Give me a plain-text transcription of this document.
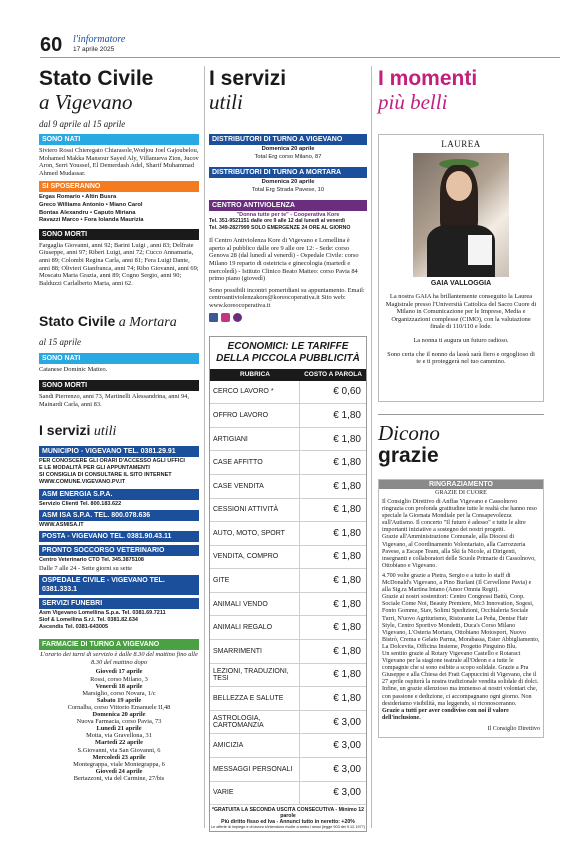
60 l'informatore
17 aprile 2025
Stato Civile
a Vigevano
dal 9 aprile al 15 aprile
SONO NATI
Siviero Rossi Chieregato Chiarasole,Wodjou Joel Gajoubelou, Mohamed Makka Mansour Sayed Aly, Villanueva Zion, Jucov Aron, Serri Youssef, El Demerdash Adel, Sharif Muhammad Ahmed Mudassar.
SI SPOSERANNO
Ergas Romario • Altin Busra
Greco Williams Antonio • Miano Carol
Bontas Alexandru • Caputo Miriana
Ravazzi Marco • Fora Iolanda Maurizia
SONO MORTI
Fargaglia Giovanni, anni 92; Barini Luigi , anni 83; Delfrate Giuseppe, anni 97; Riberi Luigi, anni 72; Cucco Annamaria, anni 89; Colombi Regina Carla, anni 81; Fera Luigi Dante, anni 88; Olivieri Gianfranca, anni 74; Ribo Giovanni, anni 69; Moscatu Maria Grazia, anni 89; Cogno Sergio, anni 90; Balduzzi Carlalberto Maria, anni 62.
Stato Civile a Mortara
al 15 aprile
SONO NATI
Catanese Dominic Matteo.
SONO MORTI
Sandi Pierrenzo, anni 73, Martinelli Alessandrina, anni 94, Mainardi Carla, anni 83.
I servizi utili
MUNICIPIO - VIGEVANO TEL. 0381.29.91
PER CONOSCERE GLI ORARI D'ACCESSO AGLI UFFICI
E LE MODALITÀ PER GLI APPUNTAMENTI
SI CONSIGLIA DI CONSULTARE IL SITO INTERNET
WWW.COMUNE.VIGEVANO.PV.IT
ASM ENERGIA S.P.A.
Servizio Clienti Tel. 800.183.622
ASM ISA S.P.A. TEL. 800.078.636
WWW.ASMISA.IT
POSTA - VIGEVANO TEL. 0381.90.43.11
PRONTO SOCCORSO VETERINARIO
Centro Veterinario CTO Tel. 345.3875108
Dalle 7 alle 24 - Sette giorni su sette
OSPEDALE CIVILE - VIGEVANO TEL. 0381.333.1
SERVIZI FUNEBRI
Asm Vigevano Lomellina S.p.a. Tel. 0381.69.7211
Siof & Lomellina S.r.l. Tel. 0381.82.634
Ascendis Tel. 0381-643005
FARMACIE DI TURNO A VIGEVANO
L'orario dei turni di servizio è dalle 8.30 del mattino fino alle 8.30 del mattino dopo
Giovedì 17 aprile
Rossi, corso Milano, 3
Venerdì 18 aprile
Marsiglio, corso Novara, 1/c
Sabato 19 aprile
Cornalba, corso Vittorio Emanuele II,48
Domenica 20 aprile
Nuova Farmacia, corso Pavia, 73
Lunedì 21 aprile
Motta, via Gravellona, 31
Martedì 22 aprile
S.Giovanni, via San Giovanni, 6
Mercoledì 23 aprile
Montegrappa, viale Montegrappa, 6
Giovedì 24 aprile
Bertazzoni, via del Carmine, 27/bis
I servizi
utili
DISTRIBUTORI DI TURNO A VIGEVANO
Domenica 20 aprile
Total Erg corso Milano, 87
DISTRIBUTORI DI TURNO A MORTARA
Domenica 20 aprile
Total Erg Strada Pavese, 10
CENTRO ANTIVIOLENZA
"Donna tutte per te" - Cooperativa Kore
Tel. 351-9521151 dalle ore 9 alle 12 dal lunedì al venerdì
Tel. 349-2827999 SOLO EMERGENZE 24 ORE AL GIORNO
Il Centro Antiviolenza Kore di Vigevano e Lomellina è aperto al pubblico dalle ore 9 alle ore 12: - Sede: corso Genova 28 (dal lunedì al venerdì) - Ospedale Civile: corso Milano 19 reparto di ostetricia e ginecologia (martedì e mercoledì) - Istituto Clinico Beato Matteo: corso Pavia 84 primo piano (giovedì)
Sono possibili incontri pomeridiani su appuntamento. Email: centroantiviolenzakore@koreocoperativa.it Sito web: www.koreocoperativa.it
ECONOMICI: LE TARIFFE DELLA PICCOLA PUBBLICITÀ
RUBRICA	COSTO A PAROLA
CERCO LAVORO *	€ 0,60
OFFRO LAVORO	€ 1,80
ARTIGIANI	€ 1,80
CASE AFFITTO	€ 1,80
CASE VENDITA	€ 1,80
CESSIONI ATTIVITÀ	€ 1,80
AUTO, MOTO, SPORT	€ 1,80
VENDITA, COMPRO	€ 1,80
GITE	€ 1,80
ANIMALI VENDO	€ 1,80
ANIMALI REGALO	€ 1,80
SMARRIMENTI	€ 1,80
LEZIONI, TRADUZIONI, TESI	€ 1,80
BELLEZZA E SALUTE	€ 1,80
ASTROLOGIA, CARTOMANZIA	€ 3,00
AMICIZIA	€ 3,00
MESSAGGI PERSONALI	€ 3,00
VARIE	€ 3,00
*GRATUITA LA SECONDA USCITA CONSECUTIVA - Minimo 12 parole
Più diritto fisso ed Iva - Annunci tutto in neretto: +20%
Le offerte di impiego e di lavoro s'intendono rivolte a ambo i sessi (legge 903 del 9.12.1977)
I momenti
più belli
LAUREA
GAIA VALLOGGIA
La nostra GAIA ha brillantemente conseguito la Laurea Magistrale presso l'Università Cattolica del Sacro Cuore di Milano in Comunicazione per le Imprese, Media e Organizzazioni complesse (CIMO), con la valutazione finale di 110/110 e lode.
La nonna ti augura un futuro radioso.
Sono certa che il nonno da lassù sarà fiero e orgoglioso di te e ti proteggerà nel tuo cammino.
Dicono
grazie
RINGRAZIAMENTO
GRAZIE DI CUORE
Il Consiglio Direttivo di Anffas Vigevano e Cassolnovo ringrazia con profonda gratitudine tutte le realtà che hanno reso speciale la Giornata Mondiale per la Consapevolezza sull'Autismo. Il concerto "Il futuro è adesso" e tutte le altre importanti iniziative a sostegno dei nostri progetti.
Grazie all'Amministrazione Comunale, alla Diocesi di Vigevano, al Coordinamento Volontariato, alla Carrozzeria Pavese, a Escape Team, alla Ski fa Nicole, ai Dirigenti, insegnanti e collaboratori delle Scuole Primarie di Cassolnovo, Ottobiano e Vigevano.
4.700 volte grazie a Pietra, Sergio e a tutto lo staff di McDonald's Vigevano, a Pino Burlani (Il Cervellone Pavia) e alla Sig.ra Martina Intano (Amor Omnia Regit).
Grazie ai nostri sostenitori: Centro Congressi Battù, Coop. Sociale Come Noi, Beauty Premiere, Mc3 Innovation, Sogesi, Fonto Gomme, Siav, Solimi Spedizioni, Occhialeria Sociale Turri, N'uovo Agriturismo, Ristorante La Peña, Denise Hair Style, Centro Sportivo Mondetti, Duca's Corso Milano Vigevano, L'Osteria Mortara, Ottobiano Motosport, Nuovo Bistrò, Crema e Gelato Parma, Morabassa, Ester Abbigliamento, La Dolcevita, Officina Insieme, Progetto Pinguino Blu.
Un sentito grazie al Rotary Vigevano Castello e Rotaract Vigevano per la stagione teatrale all'Odeon e a tutte le compagnie che si sono esibite a scopo solidale. Grazie a Pra Giuseppe e alla Chiesa dei Frati Cappuccini di Vigevano, che il 27 aprile ospiterà la nostra tradizionale vendita solidale di dolci.
Infine, un grazie silenzioso ma immenso ai nostri volontari che, con passione e dedizione, ci accompagnano ogni giorno. Non desideriamo visibilità, ma leggendo, si riconosceranno.
Grazie a tutti per aver condiviso con noi il valore dell'inclusione.
Il Consiglio Direttivo
